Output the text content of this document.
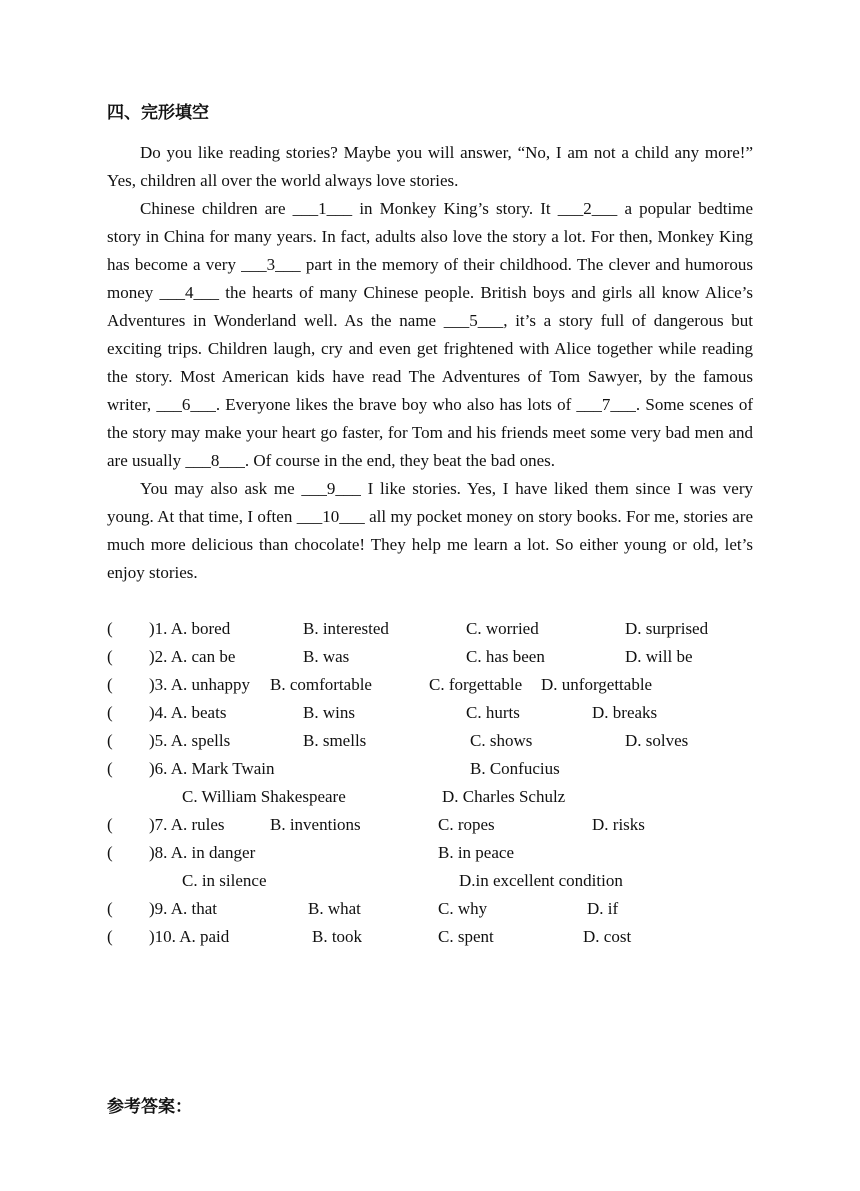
四、完形填空

Do you like reading stories? Maybe you will answer, “No, I am not a child any more!” Yes, children all over the world always love stories.

Chinese children are ___1___ in Monkey King’s story. It ___2___ a popular bedtime story in China for many years. In fact, adults also love the story a lot. For then, Monkey King has become a very ___3___ part in the memory of their childhood. The clever and humorous money ___4___ the hearts of many Chinese people. British boys and girls all know Alice’s Adventures in Wonderland well. As the name ___5___, it’s a story full of dangerous but exciting trips. Children laugh, cry and even get frightened with Alice together while reading the story. Most American kids have read The Adventures of Tom Sawyer, by the famous writer, ___6___. Everyone likes the brave boy who also has lots of ___7___. Some scenes of the story may make your heart go faster, for Tom and his friends meet some very bad men and are usually ___8___. Of course in the end, they beat the bad ones.

You may also ask me ___9___ I like stories. Yes, I have liked them since I was very young. At that time, I often ___10___ all my pocket money on story books. For me, stories are much more delicious than chocolate! They help me learn a lot. So either young or old, let’s enjoy stories.

( )1. A. bored	B. interested	C. worried	D. surprised
( )2. A. can be	B. was	C. has been	D. will be
( )3. A. unhappy B. comfortable	C. forgettable D. unforgettable
( )4. A. beats	B. wins	C. hurts	D. breaks
( )5. A. spells	B. smells	C. shows	D. solves
( )6. A. Mark Twain	B. Confucius
C. William Shakespeare	D. Charles Schulz
( )7. A. rules	B. inventions	C. ropes	D. risks
( )8. A. in danger	B. in peace
C. in silence	D.in excellent condition
( )9. A. that	B. what	C. why	D. if
( )10. A. paid	B. took	C. spent	D. cost
参考答案：
